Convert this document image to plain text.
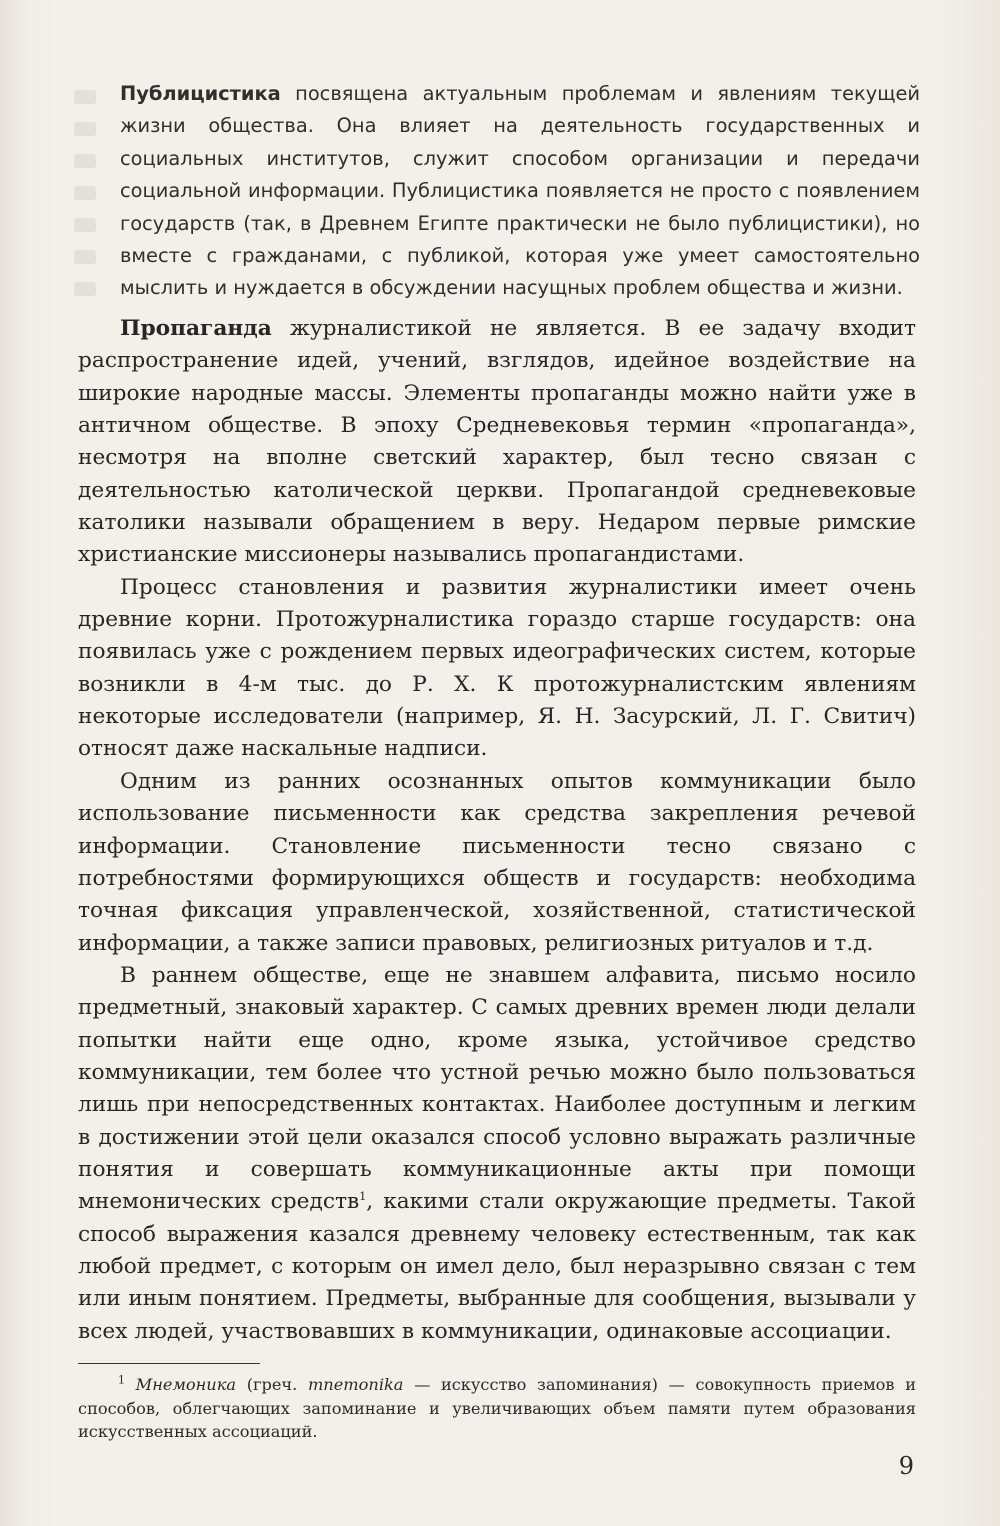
Публицистика посвящена актуальным проблемам и явлениям текущей жизни общества. Она влияет на деятельность государственных и социальных институтов, служит способом организации и передачи социальной информации. Публицистика появляется не просто с появлением государств (так, в Древнем Египте практически не было публицистики), но вместе с гражданами, с публикой, которая уже умеет самостоятельно мыслить и нуждается в обсуждении насущных проблем общества и жизни.

Пропаганда журналистикой не является. В ее задачу входит распространение идей, учений, взглядов, идейное воздействие на широкие народные массы. Элементы пропаганды можно найти уже в античном обществе. В эпоху Средневековья термин «пропаганда», несмотря на вполне светский характер, был тесно связан с деятельностью католической церкви. Пропагандой средневековые католики называли обращением в веру. Недаром первые римские христианские миссионеры назывались пропагандистами.

Процесс становления и развития журналистики имеет очень древние корни. Протожурналистика гораздо старше государств: она появилась уже с рождением первых идеографических систем, которые возникли в 4-м тыс. до Р. Х. К протожурналистским явлениям некоторые исследователи (например, Я. Н. Засурский, Л. Г. Свитич) относят даже наскальные надписи.

Одним из ранних осознанных опытов коммуникации было использование письменности как средства закрепления речевой информации. Становление письменности тесно связано с потребностями формирующихся обществ и государств: необходима точная фиксация управленческой, хозяйственной, статистической информации, а также записи правовых, религиозных ритуалов и т.д.

В раннем обществе, еще не знавшем алфавита, письмо носило предметный, знаковый характер. С самых древних времен люди делали попытки найти еще одно, кроме языка, устойчивое средство коммуникации, тем более что устной речью можно было пользоваться лишь при непосредственных контактах. Наиболее доступным и легким в достижении этой цели оказался способ условно выражать различные понятия и совершать коммуникационные акты при помощи мнемонических средств$^1$, какими стали окружающие предметы. Такой способ выражения казался древнему человеку естественным, так как любой предмет, с которым он имел дело, был неразрывно связан с тем или иным понятием. Предметы, выбранные для сообщения, вызывали у всех людей, участвовавших в коммуникации, одинаковые ассоциации.

$^1$ Мнемоника (греч. mnemonika — искусство запоминания) — совокупность приемов и способов, облегчающих запоминание и увеличивающих объем памяти путем образования искусственных ассоциаций.

9
